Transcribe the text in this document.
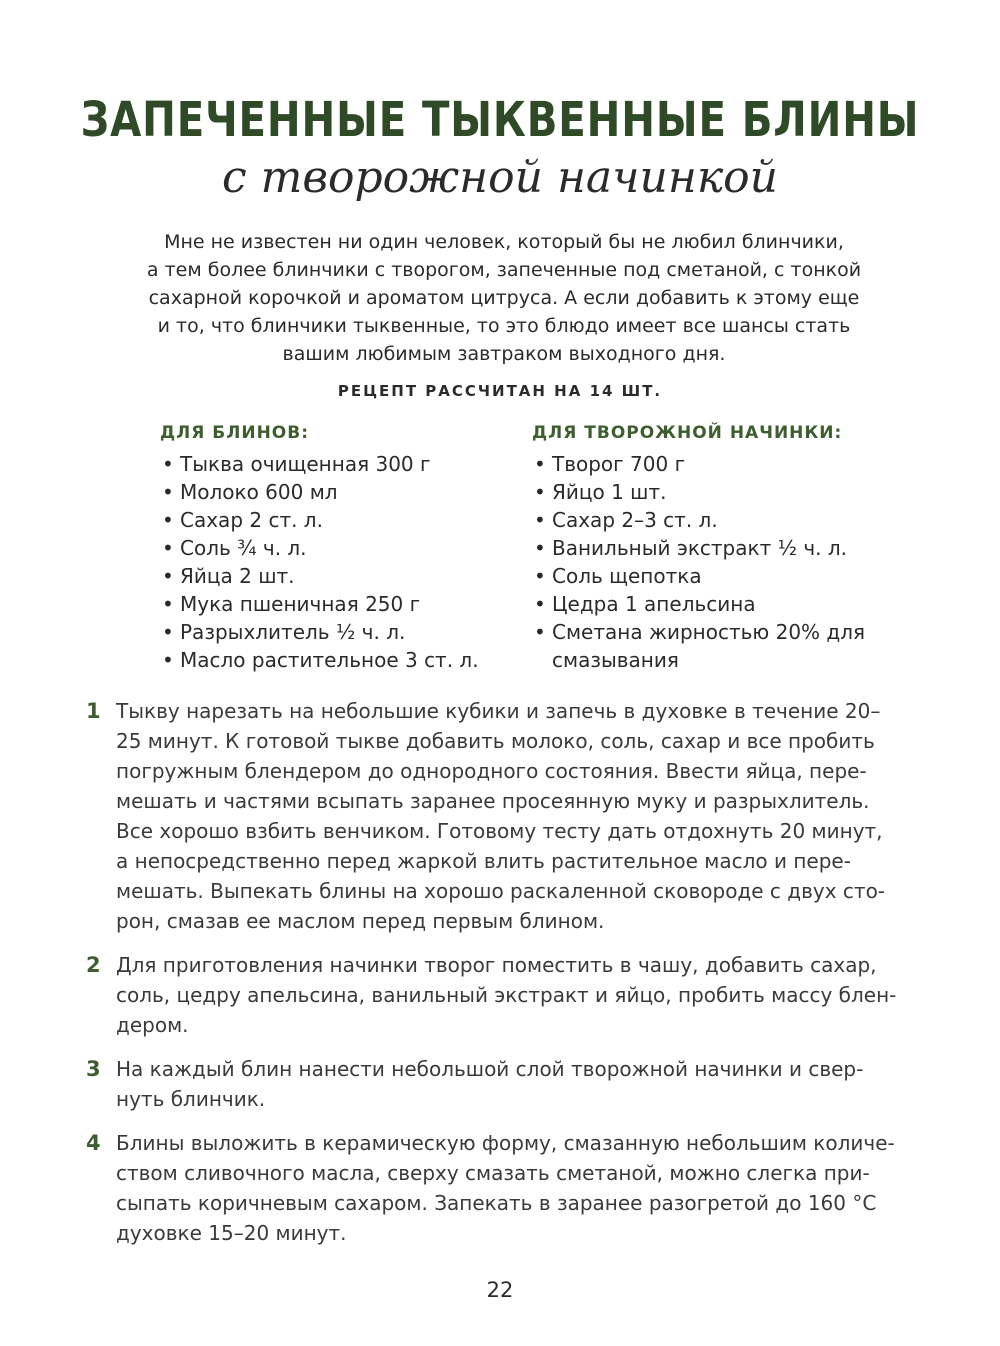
ЗАПЕЧЕННЫЕ ТЫКВЕННЫЕ БЛИНЫ
с творожной начинкой
Мне не известен ни один человек, который бы не любил блинчики,
а тем более блинчики с творогом, запеченные под сметаной, с тонкой
сахарной корочкой и ароматом цитруса. А если добавить к этому еще
и то, что блинчики тыквенные, то это блюдо имеет все шансы стать
вашим любимым завтраком выходного дня.
РЕЦЕПТ РАССЧИТАН НА 14 ШТ.
ДЛЯ БЛИНОВ:
• Тыква очищенная 300 г
• Молоко 600 мл
• Сахар 2 ст. л.
• Соль ¾ ч. л.
• Яйца 2 шт.
• Мука пшеничная 250 г
• Разрыхлитель ½ ч. л.
• Масло растительное 3 ст. л.
ДЛЯ ТВОРОЖНОЙ НАЧИНКИ:
• Творог 700 г
• Яйцо 1 шт.
• Сахар 2–3 ст. л.
• Ванильный экстракт ½ ч. л.
• Соль щепотка
• Цедра 1 апельсина
• Сметана жирностью 20% для
смазывания
1 Тыкву нарезать на небольшие кубики и запечь в духовке в течение 20–
25 минут. К готовой тыкве добавить молоко, соль, сахар и все пробить
погружным блендером до однородного состояния. Ввести яйца, пере-
мешать и частями всыпать заранее просеянную муку и разрыхлитель.
Все хорошо взбить венчиком. Готовому тесту дать отдохнуть 20 минут,
а непосредственно перед жаркой влить растительное масло и пере-
мешать. Выпекать блины на хорошо раскаленной сковороде с двух сто-
рон, смазав ее маслом перед первым блином.
2 Для приготовления начинки творог поместить в чашу, добавить сахар,
соль, цедру апельсина, ванильный экстракт и яйцо, пробить массу блен-
дером.
3 На каждый блин нанести небольшой слой творожной начинки и свер-
нуть блинчик.
4 Блины выложить в керамическую форму, смазанную небольшим количе-
ством сливочного масла, сверху смазать сметаной, можно слегка при-
сыпать коричневым сахаром. Запекать в заранее разогретой до 160 °С
духовке 15–20 минут.
22
